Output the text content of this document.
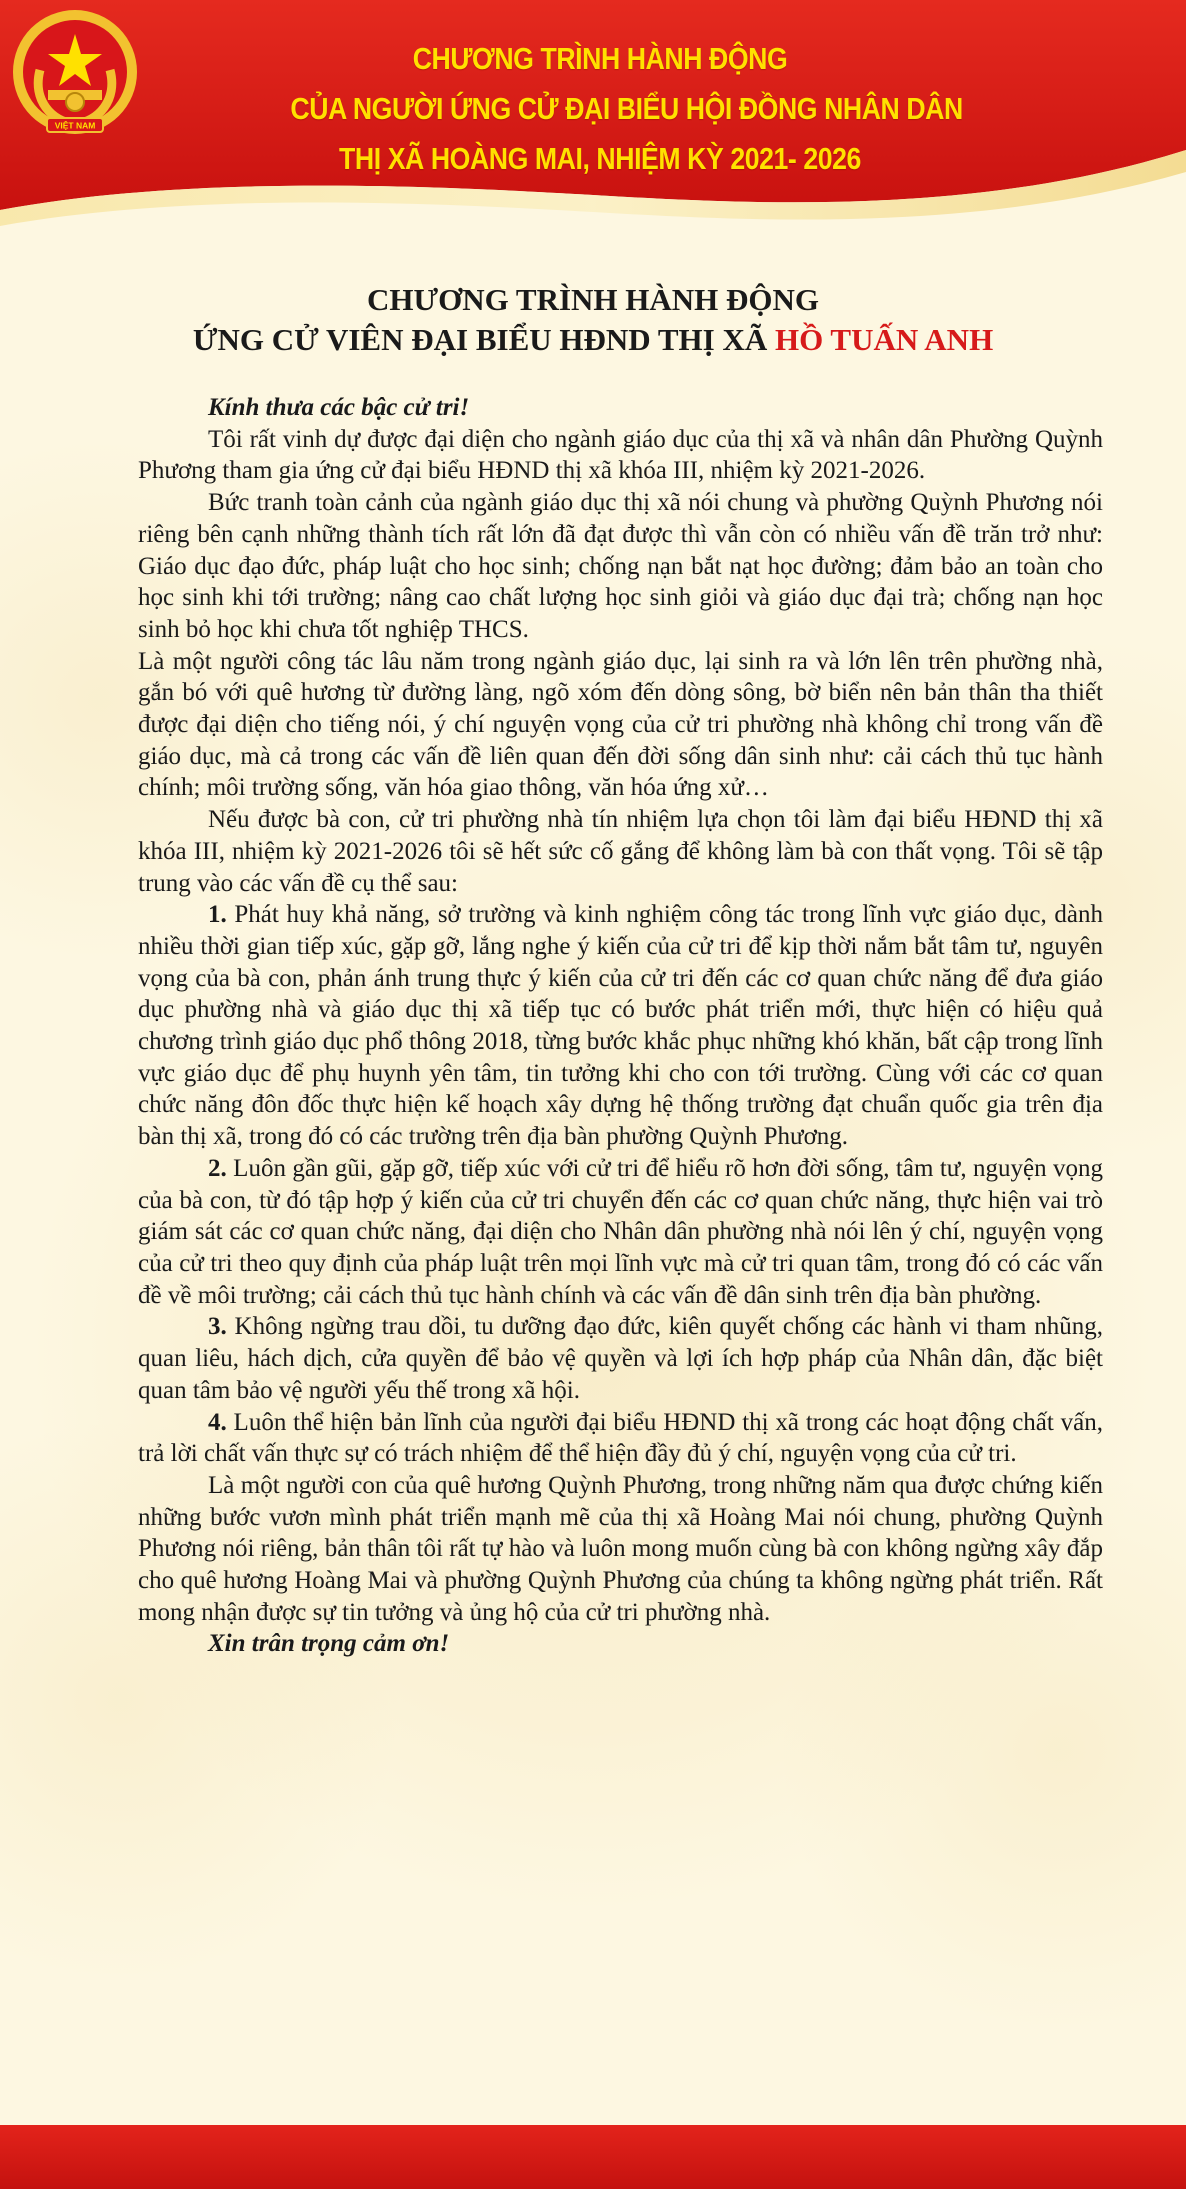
VIỆT NAM
CHƯƠNG TRÌNH HÀNH ĐỘNG
CỦA NGƯỜI ỨNG CỬ ĐẠI BIỂU HỘI ĐỒNG NHÂN DÂN
THỊ XÃ HOÀNG MAI, NHIỆM KỲ 2021- 2026
CHƯƠNG TRÌNH HÀNH ĐỘNG
ỨNG CỬ VIÊN ĐẠI BIỂU HĐND THỊ XÃ HỒ TUẤN ANH

Kính thưa các bậc cử tri!

Tôi rất vinh dự được đại diện cho ngành giáo dục của thị xã và nhân dân Phường Quỳnh Phương tham gia ứng cử đại biểu HĐND thị xã khóa III, nhiệm kỳ 2021-2026.

Bức tranh toàn cảnh của ngành giáo dục thị xã nói chung và phường Quỳnh Phương nói riêng bên cạnh những thành tích rất lớn đã đạt được thì vẫn còn có nhiều vấn đề trăn trở như: Giáo dục đạo đức, pháp luật cho học sinh; chống nạn bắt nạt học đường; đảm bảo an toàn cho học sinh khi tới trường; nâng cao chất lượng học sinh giỏi và giáo dục đại trà; chống nạn học sinh bỏ học khi chưa tốt nghiệp THCS.

Là một người công tác lâu năm trong ngành giáo dục, lại sinh ra và lớn lên trên phường nhà, gắn bó với quê hương từ đường làng, ngõ xóm đến dòng sông, bờ biển nên bản thân tha thiết được đại diện cho tiếng nói, ý chí nguyện vọng của cử tri phường nhà không chỉ trong vấn đề giáo dục, mà cả trong các vấn đề liên quan đến đời sống dân sinh như: cải cách thủ tục hành chính; môi trường sống, văn hóa giao thông, văn hóa ứng xử…

Nếu được bà con, cử tri phường nhà tín nhiệm lựa chọn tôi làm đại biểu HĐND thị xã khóa III, nhiệm kỳ 2021-2026 tôi sẽ hết sức cố gắng để không làm bà con thất vọng. Tôi sẽ tập trung vào các vấn đề cụ thể sau:

1. Phát huy khả năng, sở trường và kinh nghiệm công tác trong lĩnh vực giáo dục, dành nhiều thời gian tiếp xúc, gặp gỡ, lắng nghe ý kiến của cử tri để kịp thời nắm bắt tâm tư, nguyên vọng của bà con, phản ánh trung thực ý kiến của cử tri đến các cơ quan chức năng để đưa giáo dục phường nhà và giáo dục thị xã tiếp tục có bước phát triển mới, thực hiện có hiệu quả chương trình giáo dục phổ thông 2018, từng bước khắc phục những khó khăn, bất cập trong lĩnh vực giáo dục để phụ huynh yên tâm, tin tưởng khi cho con tới trường. Cùng với các cơ quan chức năng đôn đốc thực hiện kế hoạch xây dựng hệ thống trường đạt chuẩn quốc gia trên địa bàn thị xã, trong đó có các trường trên địa bàn phường Quỳnh Phương.

2. Luôn gần gũi, gặp gỡ, tiếp xúc với cử tri để hiểu rõ hơn đời sống, tâm tư, nguyện vọng của bà con, từ đó tập hợp ý kiến của cử tri chuyển đến các cơ quan chức năng, thực hiện vai trò giám sát các cơ quan chức năng, đại diện cho Nhân dân phường nhà nói lên ý chí, nguyện vọng của cử tri theo quy định của pháp luật trên mọi lĩnh vực mà cử tri quan tâm, trong đó có các vấn đề về môi trường; cải cách thủ tục hành chính và các vấn đề dân sinh trên địa bàn phường.

3. Không ngừng trau dồi, tu dưỡng đạo đức, kiên quyết chống các hành vi tham nhũng, quan liêu, hách dịch, cửa quyền để bảo vệ quyền và lợi ích hợp pháp của Nhân dân, đặc biệt quan tâm bảo vệ người yếu thế trong xã hội.

4. Luôn thể hiện bản lĩnh của người đại biểu HĐND thị xã trong các hoạt động chất vấn, trả lời chất vấn thực sự có trách nhiệm để thể hiện đầy đủ ý chí, nguyện vọng của cử tri.

Là một người con của quê hương Quỳnh Phương, trong những năm qua được chứng kiến những bước vươn mình phát triển mạnh mẽ của thị xã Hoàng Mai nói chung, phường Quỳnh Phương nói riêng, bản thân tôi rất tự hào và luôn mong muốn cùng bà con không ngừng xây đắp cho quê hương Hoàng Mai và phường Quỳnh Phương của chúng ta không ngừng phát triển. Rất mong nhận được sự tin tưởng và ủng hộ của cử tri phường nhà.

Xin trân trọng cảm ơn!
